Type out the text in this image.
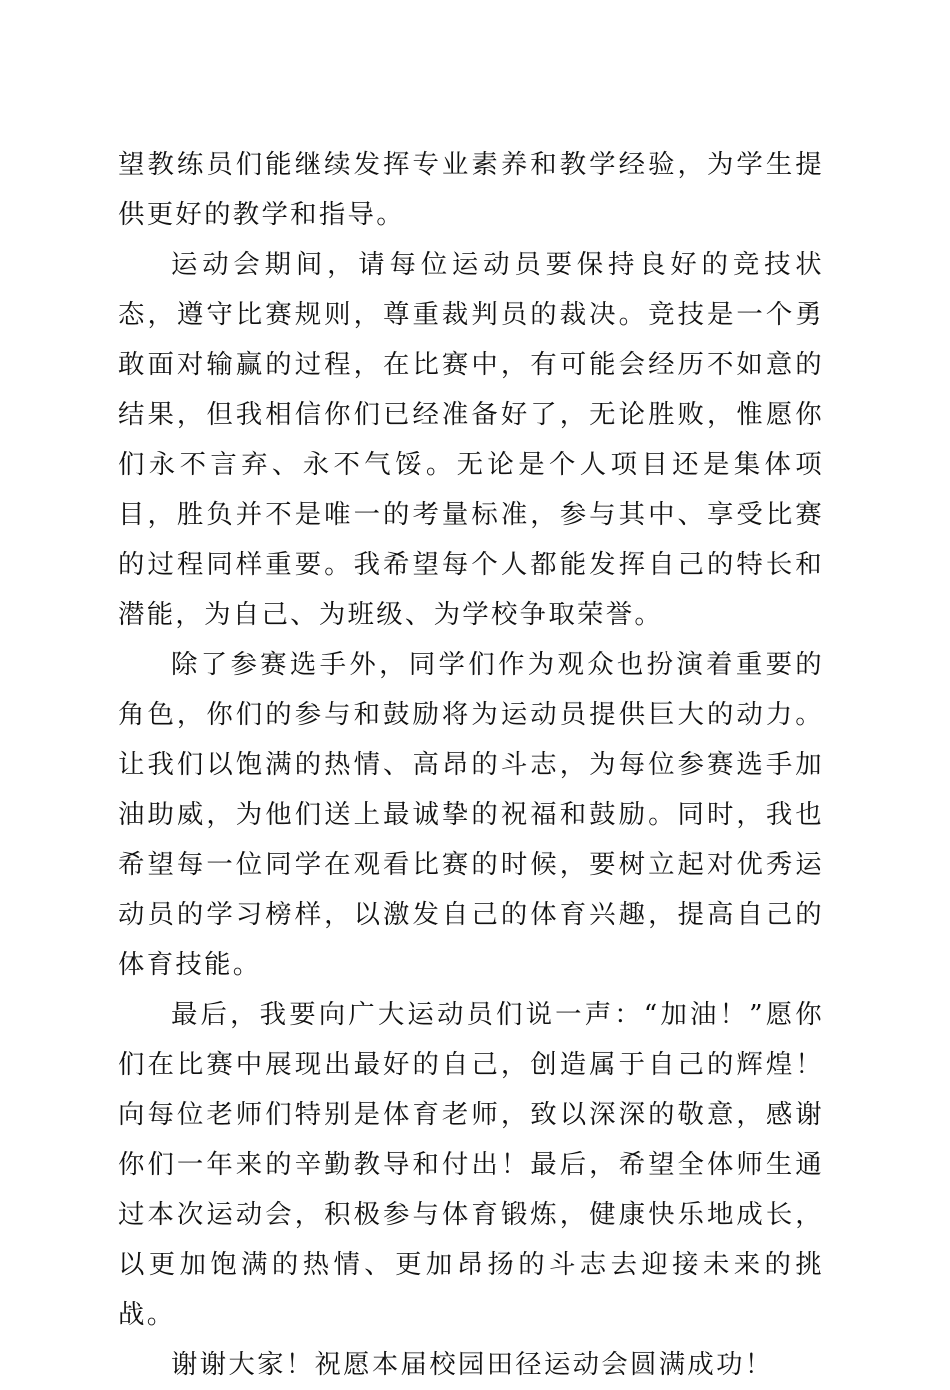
望教练员们能继续发挥专业素养和教学经验，为学生提供更好的教学和指导。

运动会期间，请每位运动员要保持良好的竞技状态，遵守比赛规则，尊重裁判员的裁决。竞技是一个勇敢面对输赢的过程，在比赛中，有可能会经历不如意的结果，但我相信你们已经准备好了，无论胜败，惟愿你们永不言弃、永不气馁。无论是个人项目还是集体项目，胜负并不是唯一的考量标准，参与其中、享受比赛的过程同样重要。我希望每个人都能发挥自己的特长和潜能，为自己、为班级、为学校争取荣誉。

除了参赛选手外，同学们作为观众也扮演着重要的角色，你们的参与和鼓励将为运动员提供巨大的动力。让我们以饱满的热情、高昂的斗志，为每位参赛选手加油助威，为他们送上最诚挚的祝福和鼓励。同时，我也希望每一位同学在观看比赛的时候，要树立起对优秀运动员的学习榜样，以激发自己的体育兴趣，提高自己的体育技能。

最后，我要向广大运动员们说一声：“加油！”愿你们在比赛中展现出最好的自己，创造属于自己的辉煌！向每位老师们特别是体育老师，致以深深的敬意，感谢你们一年来的辛勤教导和付出！最后，希望全体师生通过本次运动会，积极参与体育锻炼，健康快乐地成长，以更加饱满的热情、更加昂扬的斗志去迎接未来的挑战。

谢谢大家！祝愿本届校园田径运动会圆满成功！
